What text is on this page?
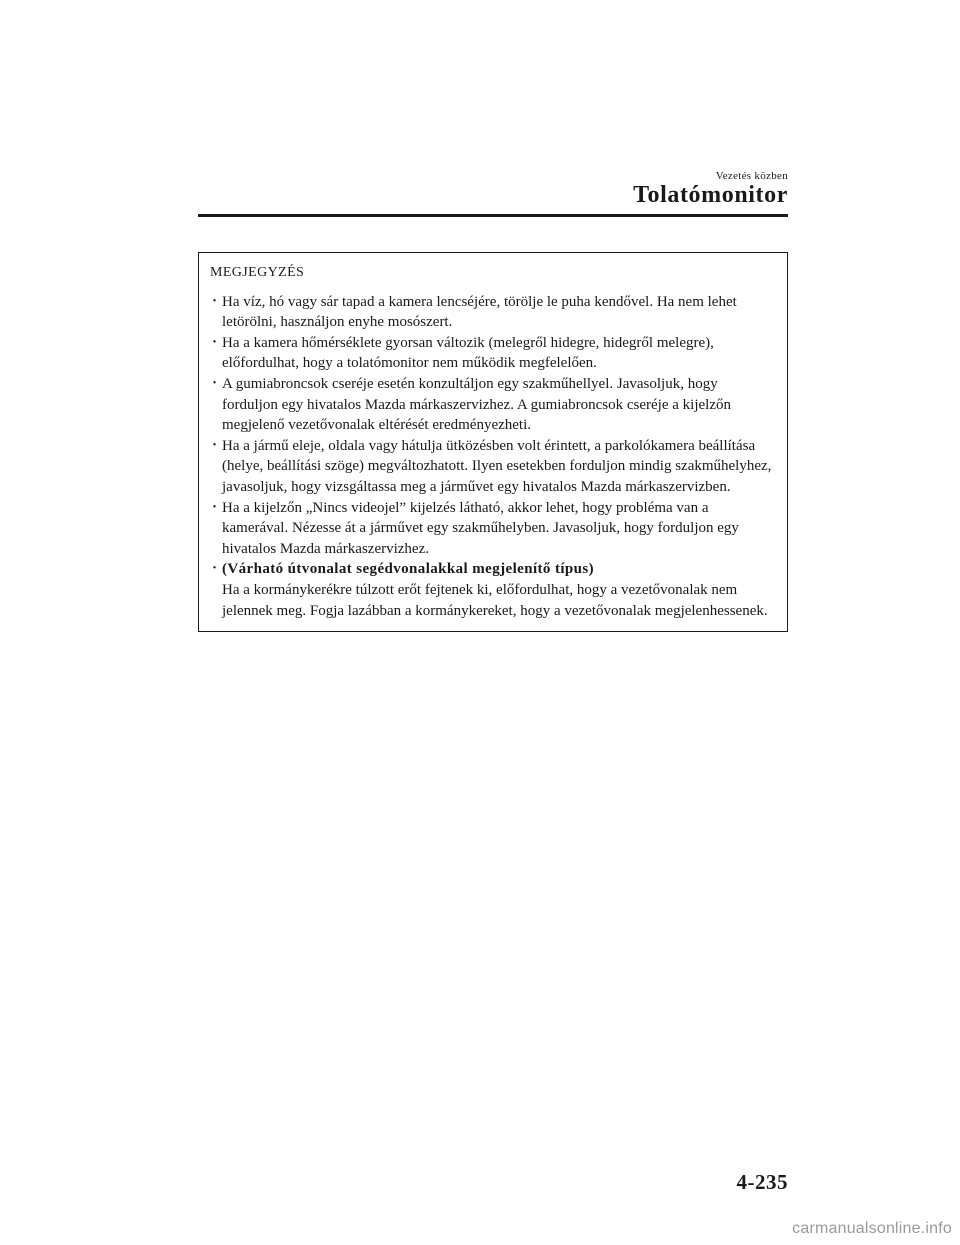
Vezetés közben
Tolatómonitor
MEGJEGYZÉS
· Ha víz, hó vagy sár tapad a kamera lencséjére, törölje le puha kendővel. Ha nem lehet letörölni, használjon enyhe mosószert.
· Ha a kamera hőmérséklete gyorsan változik (melegről hidegre, hidegről melegre), előfordulhat, hogy a tolatómonitor nem működik megfelelően.
· A gumiabroncsok cseréje esetén konzultáljon egy szakműhellyel. Javasoljuk, hogy forduljon egy hivatalos Mazda márkaszervizhez. A gumiabroncsok cseréje a kijelzőn megjelenő vezetővonalak eltérését eredményezheti.
· Ha a jármű eleje, oldala vagy hátulja ütközésben volt érintett, a parkolókamera beállítása (helye, beállítási szöge) megváltozhatott. Ilyen esetekben forduljon mindig szakműhelyhez, javasoljuk, hogy vizsgáltassa meg a járművet egy hivatalos Mazda márkaszervizben.
· Ha a kijelzőn „Nincs videojel” kijelzés látható, akkor lehet, hogy probléma van a kamerával. Nézesse át a járművet egy szakműhelyben. Javasoljuk, hogy forduljon egy hivatalos Mazda márkaszervizhez.
· (Várható útvonalat segédvonalakkal megjelenítő típus)
Ha a kormánykerékre túlzott erőt fejtenek ki, előfordulhat, hogy a vezetővonalak nem jelennek meg. Fogja lazábban a kormánykereket, hogy a vezetővonalak megjelenhessenek.
4-235
carmanualsonline.info
